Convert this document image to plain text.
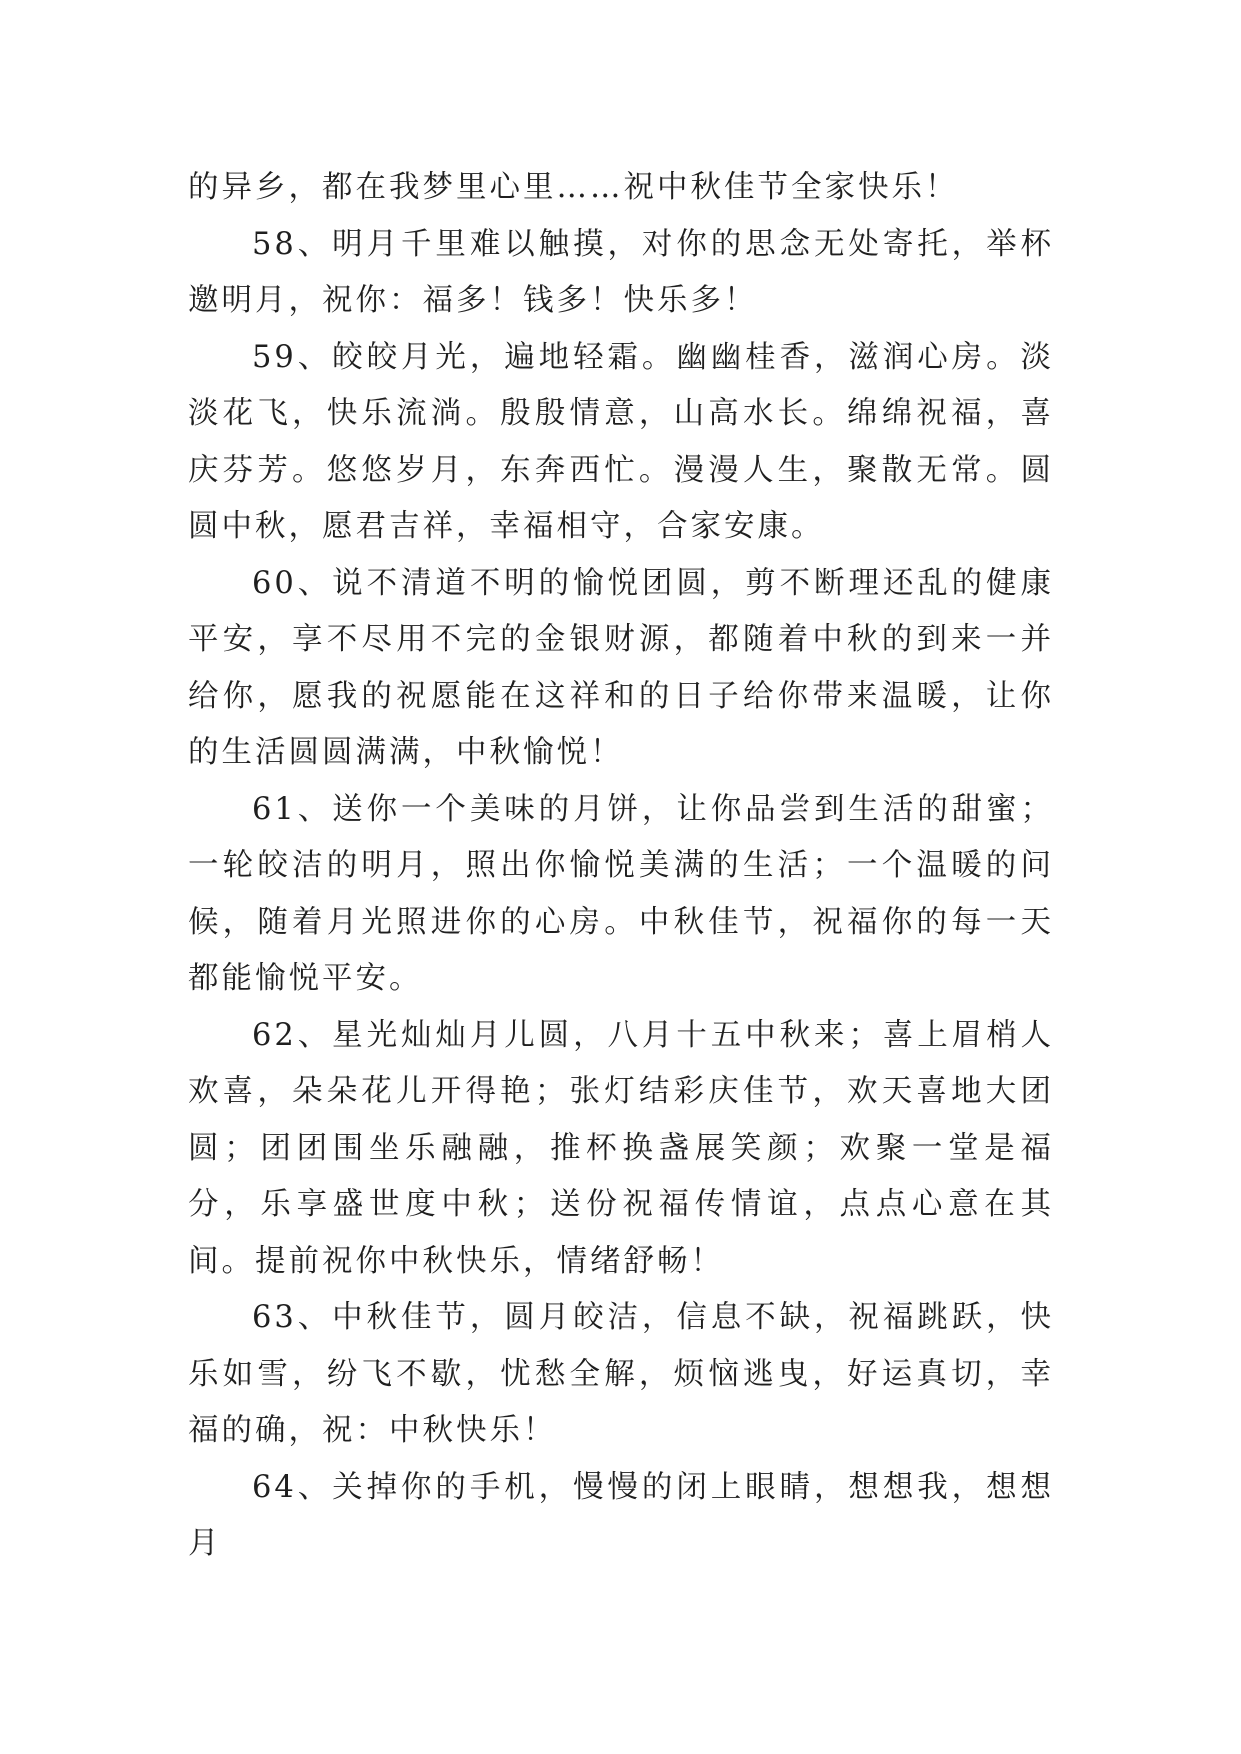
的异乡，都在我梦里心里……祝中秋佳节全家快乐！

58、明月千里难以触摸，对你的思念无处寄托，举杯邀明月，祝你：福多！钱多！快乐多！

59、皎皎月光，遍地轻霜。幽幽桂香，滋润心房。淡淡花飞，快乐流淌。殷殷情意，山高水长。绵绵祝福，喜庆芬芳。悠悠岁月，东奔西忙。漫漫人生，聚散无常。圆圆中秋，愿君吉祥，幸福相守，合家安康。

60、说不清道不明的愉悦团圆，剪不断理还乱的健康平安，享不尽用不完的金银财源，都随着中秋的到来一并给你，愿我的祝愿能在这祥和的日子给你带来温暖，让你的生活圆圆满满，中秋愉悦！

61、送你一个美味的月饼，让你品尝到生活的甜蜜；一轮皎洁的明月，照出你愉悦美满的生活；一个温暖的问候，随着月光照进你的心房。中秋佳节，祝福你的每一天都能愉悦平安。

62、星光灿灿月儿圆，八月十五中秋来；喜上眉梢人欢喜，朵朵花儿开得艳；张灯结彩庆佳节，欢天喜地大团圆；团团围坐乐融融，推杯换盏展笑颜；欢聚一堂是福分，乐享盛世度中秋；送份祝福传情谊，点点心意在其间。提前祝你中秋快乐，情绪舒畅！

63、中秋佳节，圆月皎洁，信息不缺，祝福跳跃，快乐如雪，纷飞不歇，忧愁全解，烦恼逃曳，好运真切，幸福的确，祝：中秋快乐！

64、关掉你的手机，慢慢的闭上眼睛，想想我，想想月
